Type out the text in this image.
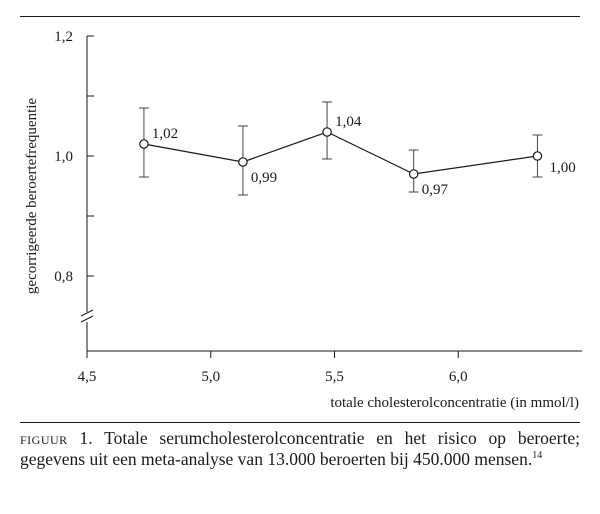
0,8
1,0
1,2
4,5	5,0	5,5	6,0
1,02
0,99
1,04
0,97
1,00
gecorrigeerde beroertefrequentie
totale cholesterolconcentratie (in mmol/l)
figuur 1. Totale serumcholesterolconcentratie en het risico op beroerte; gegevens uit een meta-analyse van 13.000 beroerten bij 450.000 mensen.$^{14}$
